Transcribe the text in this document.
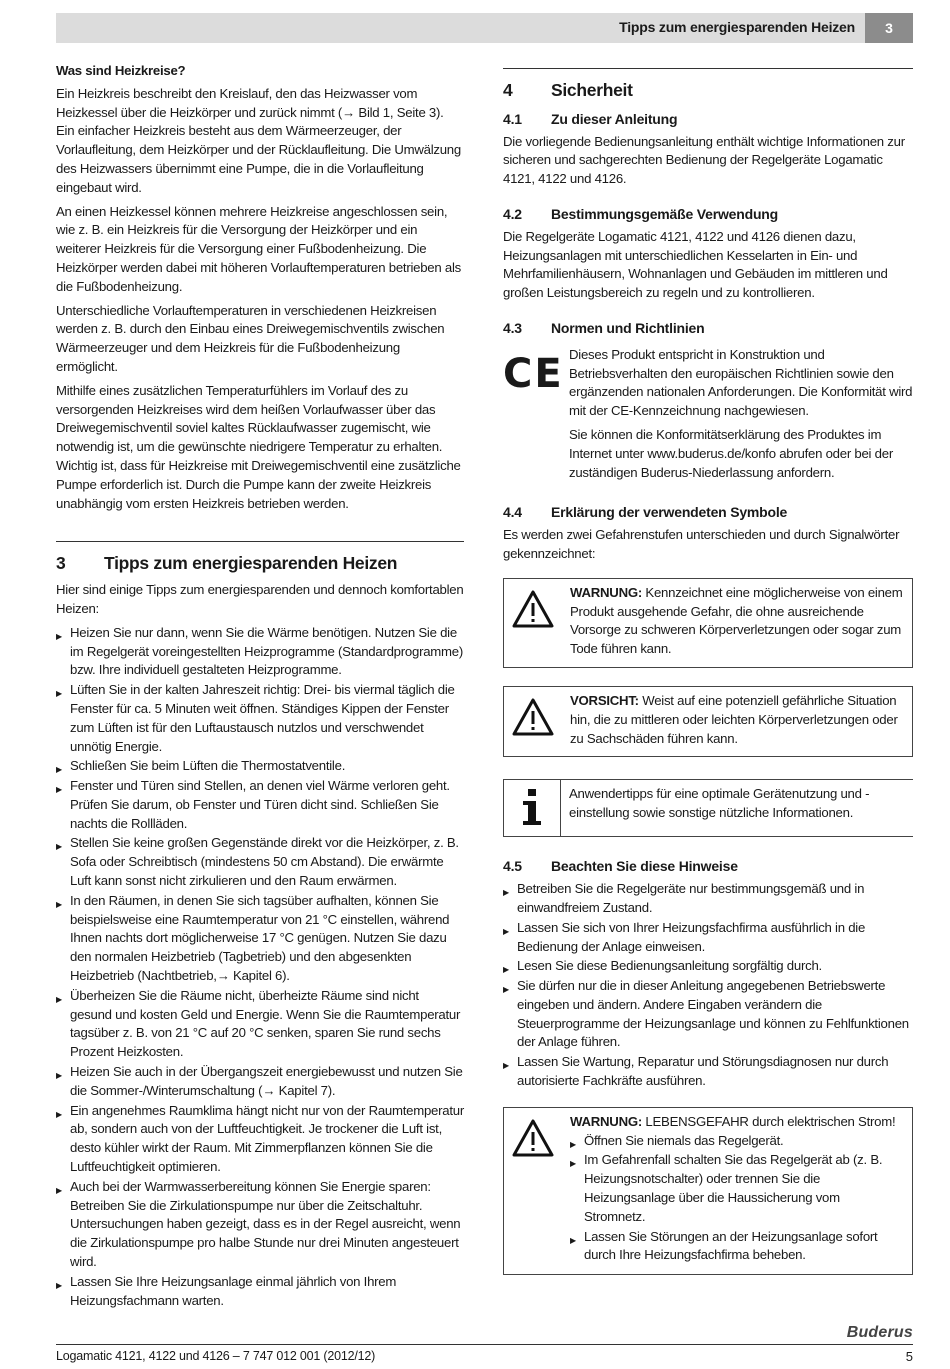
Tipps zum energiesparenden Heizen	3
Was sind Heizkreise?
Ein Heizkreis beschreibt den Kreislauf, den das Heizwasser vom Heizkessel über die Heizkörper und zurück nimmt (→ Bild 1, Seite 3). Ein einfacher Heizkreis besteht aus dem Wärmeerzeuger, der Vorlaufleitung, dem Heizkörper und der Rücklaufleitung. Die Umwälzung des Heizwassers übernimmt eine Pumpe, die in die Vorlaufleitung eingebaut wird.
An einen Heizkessel können mehrere Heizkreise angeschlossen sein, wie z. B. ein Heizkreis für die Versorgung der Heizkörper und ein weiterer Heizkreis für die Versorgung einer Fußbodenheizung. Die Heizkörper werden dabei mit höheren Vorlauftemperaturen betrieben als die Fußbodenheizung.
Unterschiedliche Vorlauftemperaturen in verschiedenen Heizkreisen werden z. B. durch den Einbau eines Dreiwegemischventils zwischen Wärmeerzeuger und dem Heizkreis für die Fußbodenheizung ermöglicht.
Mithilfe eines zusätzlichen Temperaturfühlers im Vorlauf des zu versorgenden Heizkreises wird dem heißen Vorlaufwasser über das Dreiwegemischventil soviel kaltes Rücklaufwasser zugemischt, wie notwendig ist, um die gewünschte niedrigere Temperatur zu erhalten. Wichtig ist, dass für Heizkreise mit Dreiwegemischventil eine zusätzliche Pumpe erforderlich ist. Durch die Pumpe kann der zweite Heizkreis unabhängig vom ersten Heizkreis betrieben werden.
3	Tipps zum energiesparenden Heizen
Hier sind einige Tipps zum energiesparenden und dennoch komfortablen Heizen:
▶ Heizen Sie nur dann, wenn Sie die Wärme benötigen. Nutzen Sie die im Regelgerät voreingestellten Heizprogramme (Standardprogramme) bzw. Ihre individuell gestalteten Heizprogramme.
▶ Lüften Sie in der kalten Jahreszeit richtig: Drei- bis viermal täglich die Fenster für ca. 5 Minuten weit öffnen. Ständiges Kippen der Fenster zum Lüften ist für den Luftaustausch nutzlos und verschwendet unnötig Energie.
▶ Schließen Sie beim Lüften die Thermostatventile.
▶ Fenster und Türen sind Stellen, an denen viel Wärme verloren geht. Prüfen Sie darum, ob Fenster und Türen dicht sind. Schließen Sie nachts die Rollläden.
▶ Stellen Sie keine großen Gegenstände direkt vor die Heizkörper, z. B. Sofa oder Schreibtisch (mindestens 50 cm Abstand). Die erwärmte Luft kann sonst nicht zirkulieren und den Raum erwärmen.
▶ In den Räumen, in denen Sie sich tagsüber aufhalten, können Sie beispielsweise eine Raumtemperatur von 21 °C einstellen, während Ihnen nachts dort möglicherweise 17 °C genügen. Nutzen Sie dazu den normalen Heizbetrieb (Tagbetrieb) und den abgesenkten Heizbetrieb (Nachtbetrieb,→ Kapitel 6).
▶ Überheizen Sie die Räume nicht, überheizte Räume sind nicht gesund und kosten Geld und Energie. Wenn Sie die Raumtemperatur tagsüber z. B. von 21 °C auf 20 °C senken, sparen Sie rund sechs Prozent Heizkosten.
▶ Heizen Sie auch in der Übergangszeit energiebewusst und nutzen Sie die Sommer-/Winterumschaltung (→ Kapitel 7).
▶ Ein angenehmes Raumklima hängt nicht nur von der Raumtemperatur ab, sondern auch von der Luftfeuchtigkeit. Je trockener die Luft ist, desto kühler wirkt der Raum. Mit Zimmerpflanzen können Sie die Luftfeuchtigkeit optimieren.
▶ Auch bei der Warmwasserbereitung können Sie Energie sparen: Betreiben Sie die Zirkulationspumpe nur über die Zeitschaltuhr. Untersuchungen haben gezeigt, dass es in der Regel ausreicht, wenn die Zirkulationspumpe pro halbe Stunde nur drei Minuten angesteuert wird.
▶ Lassen Sie Ihre Heizungsanlage einmal jährlich von Ihrem Heizungsfachmann warten.
4	Sicherheit
4.1	Zu dieser Anleitung
Die vorliegende Bedienungsanleitung enthält wichtige Informationen zur sicheren und sachgerechten Bedienung der Regelgeräte Logamatic 4121, 4122 und 4126.
4.2	Bestimmungsgemäße Verwendung
Die Regelgeräte Logamatic 4121, 4122 und 4126 dienen dazu, Heizungsanlagen mit unterschiedlichen Kesselarten in Ein- und Mehrfamilienhäusern, Wohnanlagen und Gebäuden im mittleren und großen Leistungsbereich zu regeln und zu kontrollieren.
4.3	Normen und Richtlinien
CE Dieses Produkt entspricht in Konstruktion und Betriebsverhalten den europäischen Richtlinien sowie den ergänzenden nationalen Anforderungen. Die Konformität wird mit der CE-Kennzeichnung nachgewiesen.
Sie können die Konformitätserklärung des Produktes im Internet unter www.buderus.de/konfo abrufen oder bei der zuständigen Buderus-Niederlassung anfordern.
4.4	Erklärung der verwendeten Symbole
Es werden zwei Gefahrenstufen unterschieden und durch Signalwörter gekennzeichnet:
WARNUNG: Kennzeichnet eine möglicherweise von einem Produkt ausgehende Gefahr, die ohne ausreichende Vorsorge zu schweren Körperverletzungen oder sogar zum Tode führen kann.
VORSICHT: Weist auf eine potenziell gefährliche Situation hin, die zu mittleren oder leichten Körperverletzungen oder zu Sachschäden führen kann.
Anwendertipps für eine optimale Gerätenutzung und -einstellung sowie sonstige nützliche Informationen.
4.5	Beachten Sie diese Hinweise
▶ Betreiben Sie die Regelgeräte nur bestimmungsgemäß und in einwandfreiem Zustand.
▶ Lassen Sie sich von Ihrer Heizungsfachfirma ausführlich in die Bedienung der Anlage einweisen.
▶ Lesen Sie diese Bedienungsanleitung sorgfältig durch.
▶ Sie dürfen nur die in dieser Anleitung angegebenen Betriebswerte eingeben und ändern. Andere Eingaben verändern die Steuerprogramme der Heizungsanlage und können zu Fehlfunktionen der Anlage führen.
▶ Lassen Sie Wartung, Reparatur und Störungsdiagnosen nur durch autorisierte Fachkräfte ausführen.
WARNUNG: LEBENSGEFAHR durch elektrischen Strom!
▶ Öffnen Sie niemals das Regelgerät.
▶ Im Gefahrenfall schalten Sie das Regelgerät ab (z. B. Heizungsnotschalter) oder trennen Sie die Heizungsanlage über die Haussicherung vom Stromnetz.
▶ Lassen Sie Störungen an der Heizungsanlage sofort durch Ihre Heizungsfachfirma beheben.
Buderus
Logamatic 4121, 4122 und 4126 – 7 747 012 001 (2012/12)	5
